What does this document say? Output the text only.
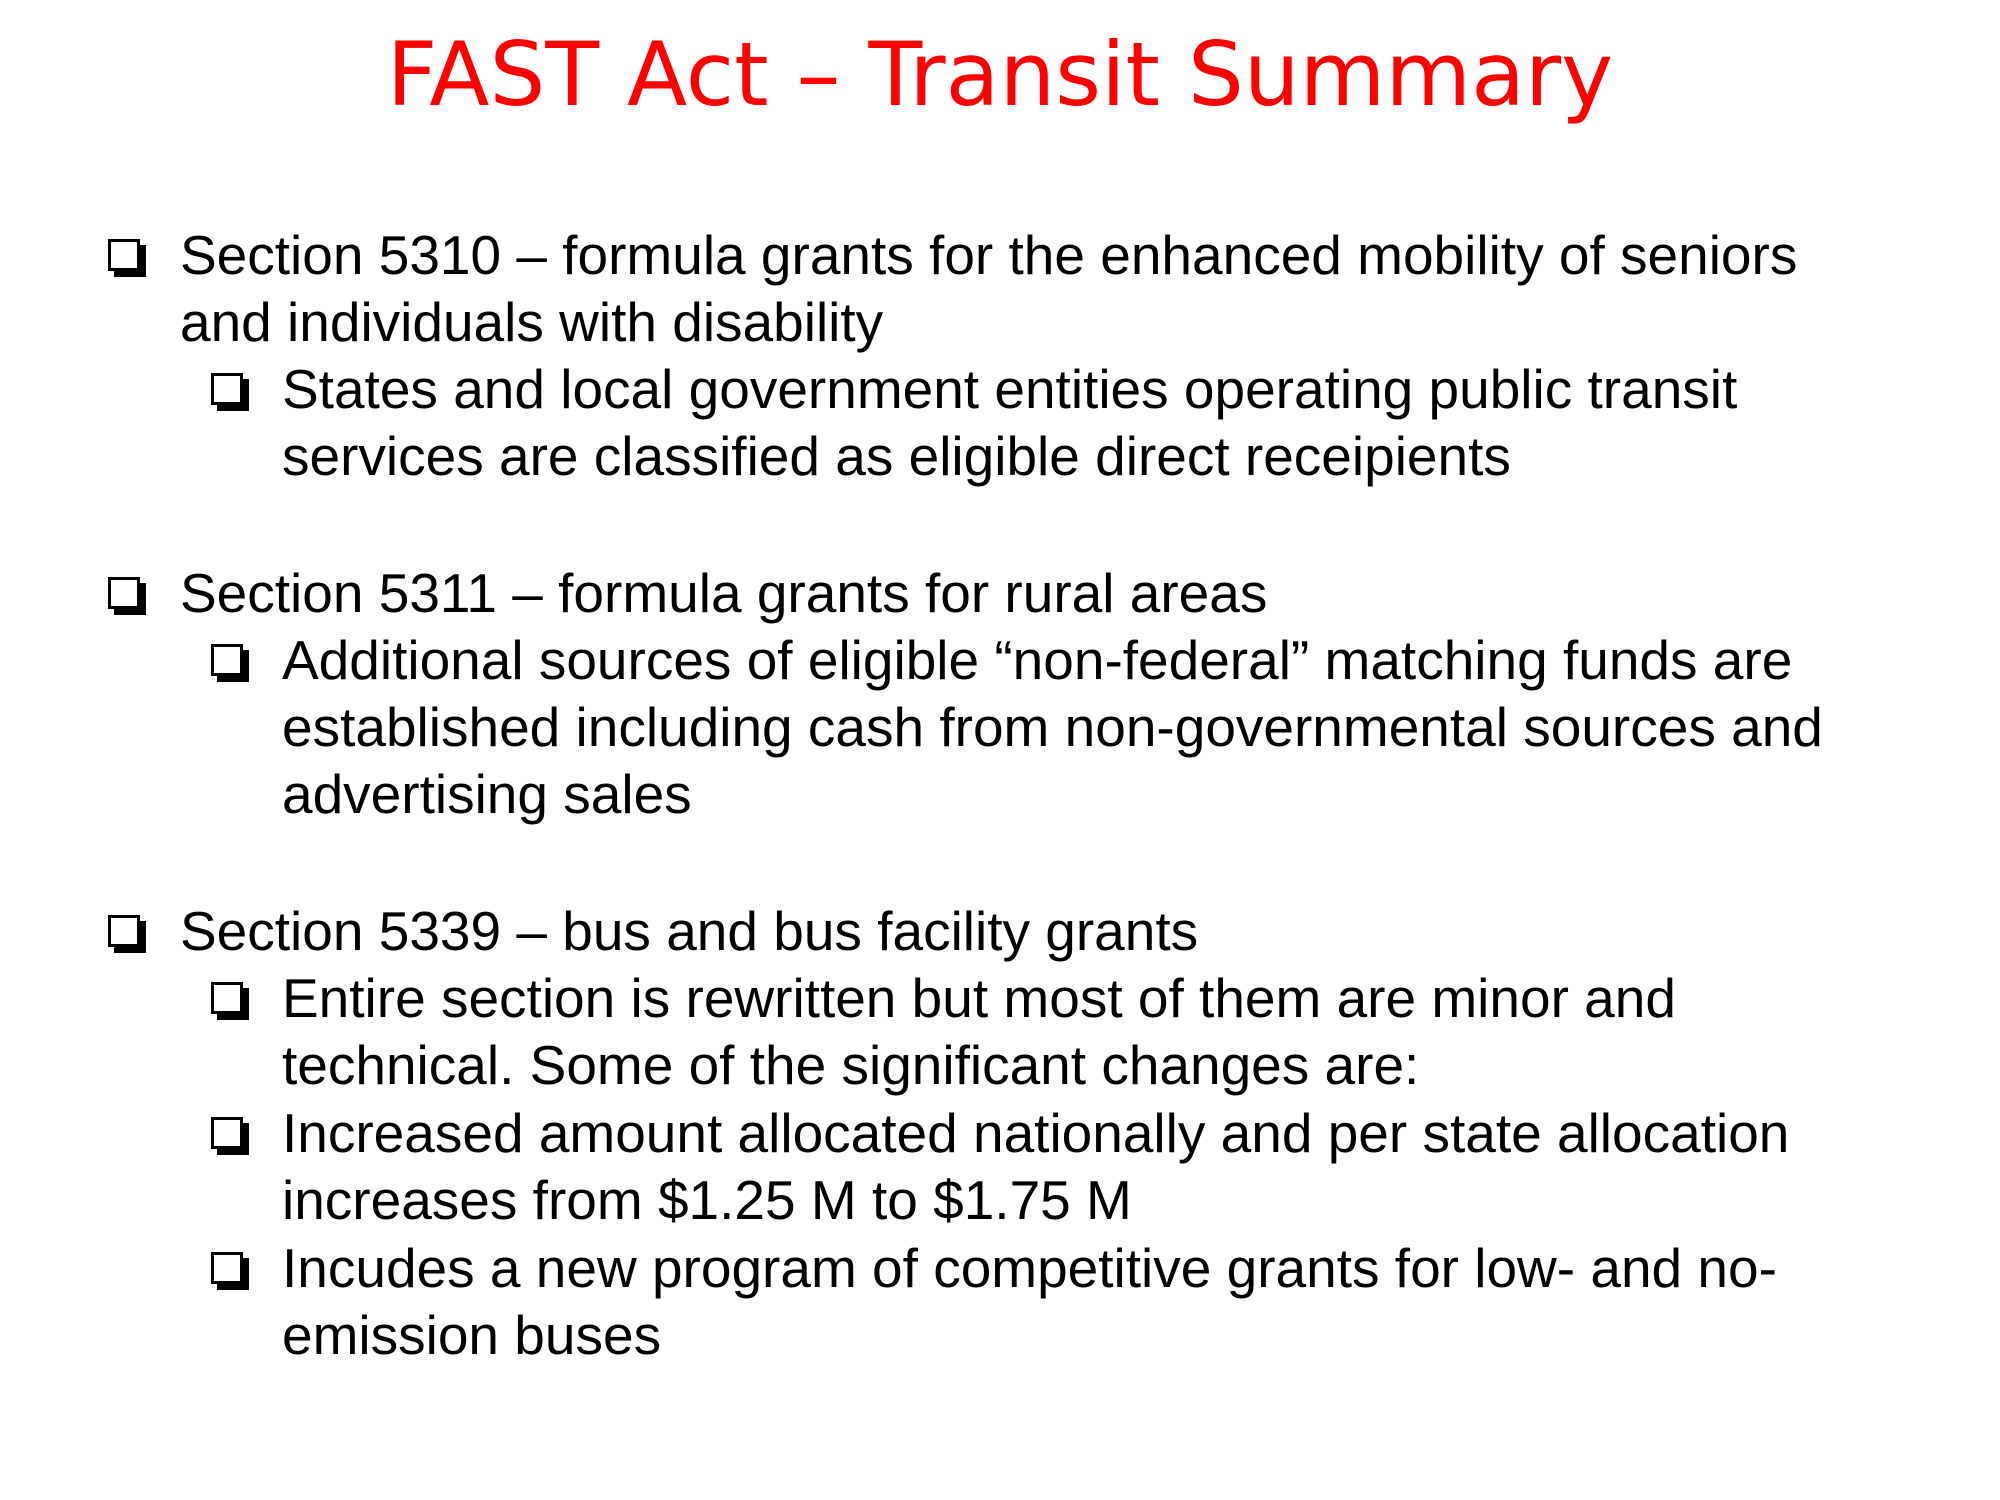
FAST Act – Transit Summary
Section 5310 – formula grants for the enhanced mobility of seniors and individuals with disability
States and local government entities operating public transit services are classified as eligible direct receipients
Section 5311 – formula grants for rural areas
Additional sources of eligible “non-federal” matching funds are established including cash from non-governmental sources and advertising sales
Section 5339 – bus and bus facility grants
Entire section is rewritten but most of them are minor and technical. Some of the significant changes are:
Increased amount allocated nationally and per state allocation increases from $1.25 M to $1.75 M
Incudes a new program of competitive grants for low- and no-emission buses
